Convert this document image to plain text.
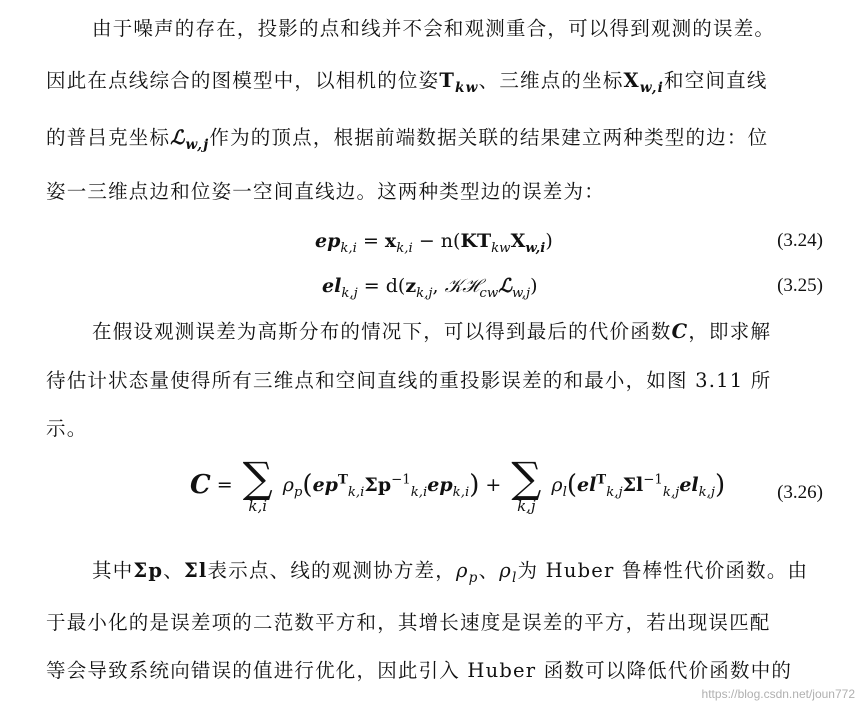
由于噪声的存在，投影的点和线并不会和观测重合，可以得到观测的误差。
因此在点线综合的图模型中，以相机的位姿$T_{kw}$、三维点的坐标$X_{w,i}$和空间直线
的普吕克坐标ℒ$_{w,j}$作为的顶点，根据前端数据关联的结果建立两种类型的边：位
姿一三维点边和位姿一空间直线边。这两种类型边的误差为：
$ep_{k,i} = x_{k,i} - n(KT_{kw}X_{w,i})$	(3.24)
$el_{k,j} = d(z_{k,j}$, 𝒦ℋ$_{cw}$ℒ$_{w,j}$)	(3.25)
在假设观测误差为高斯分布的情况下，可以得到最后的代价函数C，即求解
待估计状态量使得所有三维点和空间直线的重投影误差的和最小，如图 3.11 所
示。
C = ∑
k,i
$\rho_p(ep^T_{k,i}\Sigma p^{-1}_{k,i}ep_{k,i})$ + ∑
k,j
$\rho_l(el^T_{k,j}\Sigma l^{-1}_{k,j}el_{k,j})$	(3.26)
其中Σp、Σl表示点、线的观测协方差，$\rho_p$、$\rho_l$为 Huber 鲁棒性代价函数。由
于最小化的是误差项的二范数平方和，其增长速度是误差的平方，若出现误匹配
等会导致系统向错误的值进行优化，因此引入 Huber 函数可以降低代价函数中的
https://blog.csdn.net/joun772
